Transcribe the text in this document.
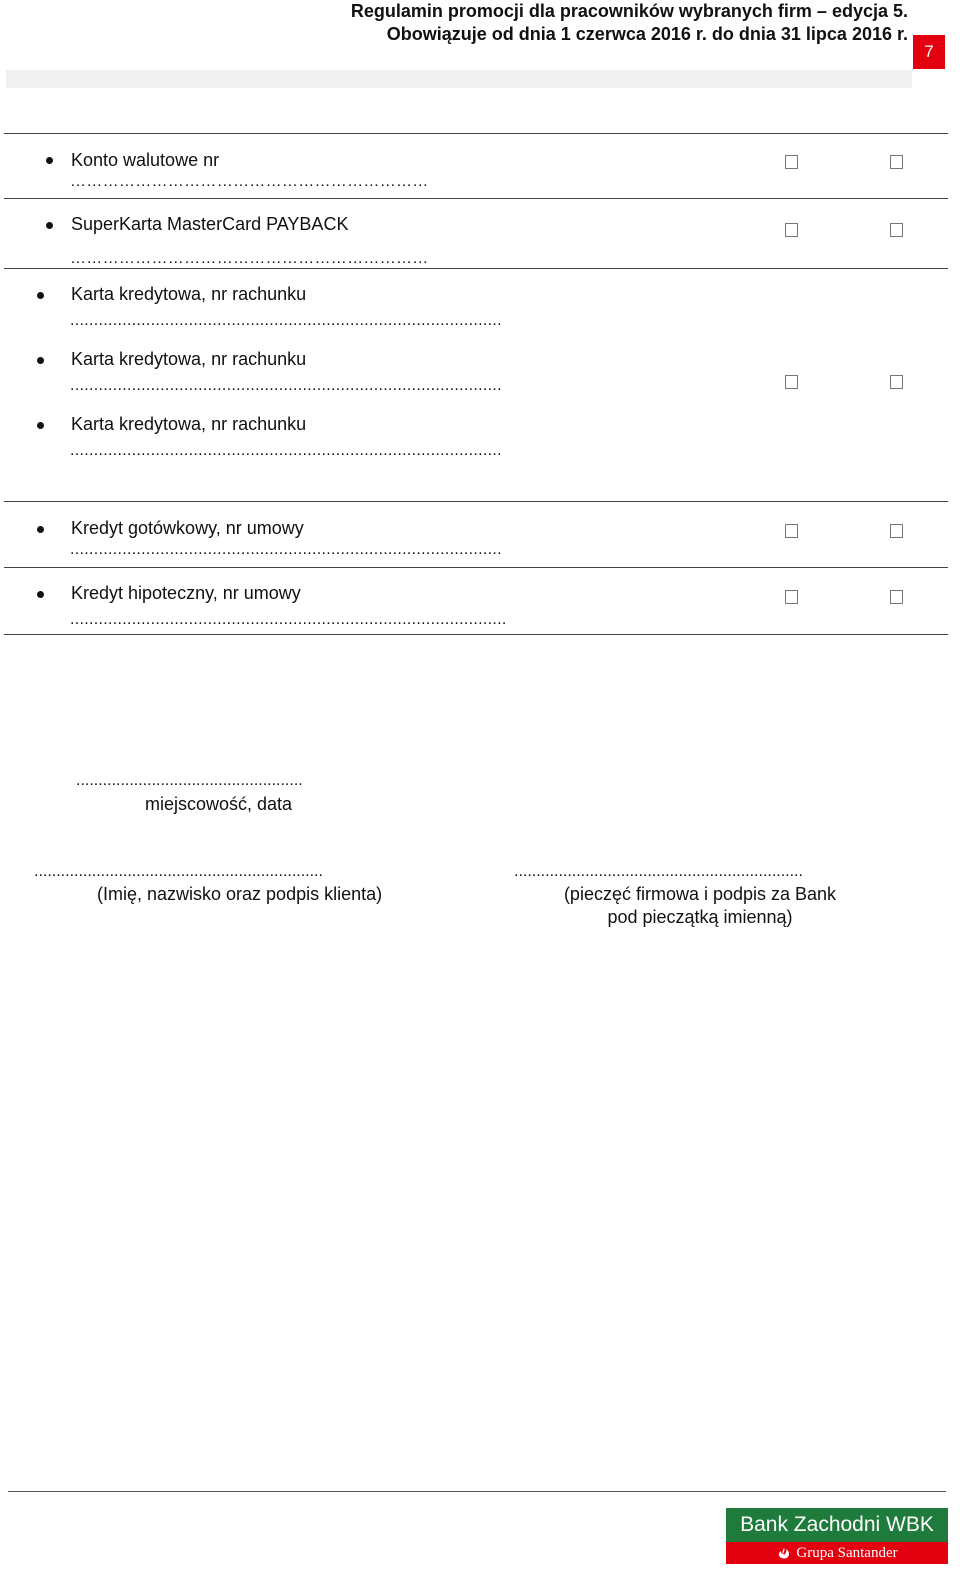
Regulamin promocji dla pracowników wybranych firm – edycja 5.
Obowiązuje od dnia 1 czerwca 2016 r. do dnia 31 lipca 2016 r.
7
Konto walutowe nr
…………………………………………………………
SuperKarta MasterCard PAYBACK
…………………………………………………………
Karta kredytowa, nr rachunku
...........................................................................................
Karta kredytowa, nr rachunku
...........................................................................................
Karta kredytowa, nr rachunku
...........................................................................................
Kredyt gotówkowy, nr umowy
...........................................................................................
Kredyt hipoteczny, nr umowy
............................................................................................
...................................................
miejscowość, data
.................................................................
(Imię, nazwisko oraz podpis klienta)
.................................................................
(pieczęć firmowa i podpis za Bank
pod pieczątką imienną)
Bank Zachodni WBK
Grupa Santander
